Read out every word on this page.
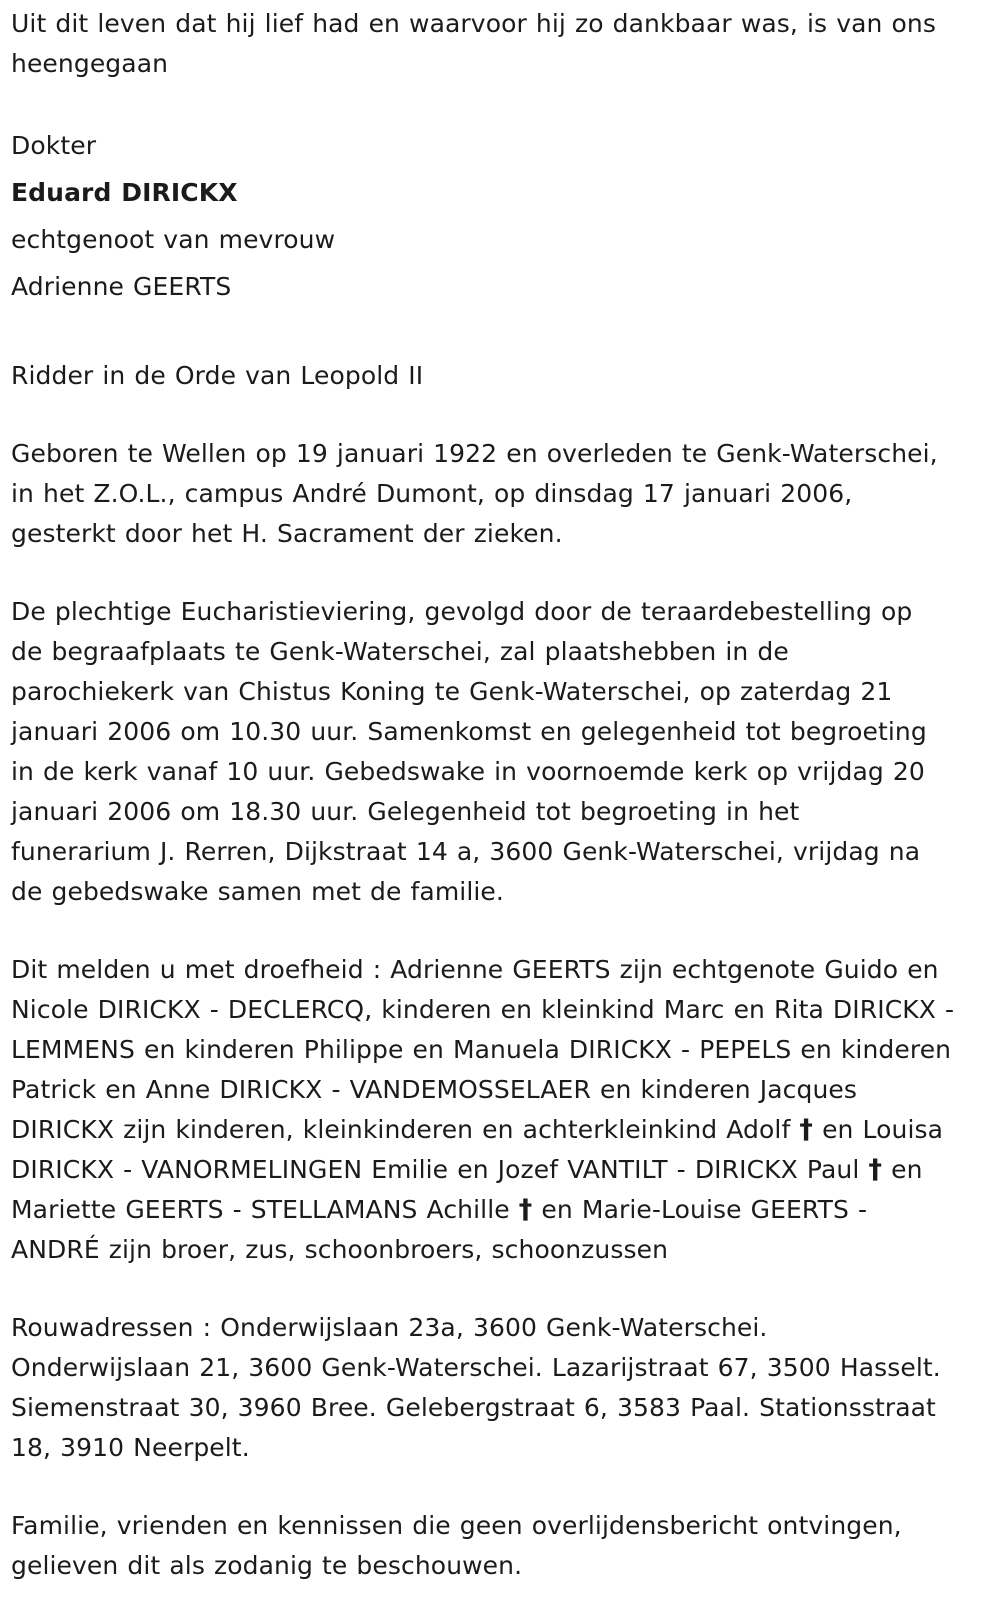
Uit dit leven dat hij lief had en waarvoor hij zo dankbaar was, is van ons
heengegaan

Dokter

Eduard DIRICKX

echtgenoot van mevrouw

Adrienne GEERTS

Ridder in de Orde van Leopold II

Geboren te Wellen op 19 januari 1922 en overleden te Genk-Waterschei,
in het Z.O.L., campus André Dumont, op dinsdag 17 januari 2006,
gesterkt door het H. Sacrament der zieken.

De plechtige Eucharistieviering, gevolgd door de teraardebestelling op
de begraafplaats te Genk-Waterschei, zal plaatshebben in de
parochiekerk van Chistus Koning te Genk-Waterschei, op zaterdag 21
januari 2006 om 10.30 uur. Samenkomst en gelegenheid tot begroeting
in de kerk vanaf 10 uur. Gebedswake in voornoemde kerk op vrijdag 20
januari 2006 om 18.30 uur. Gelegenheid tot begroeting in het
funerarium J. Rerren, Dijkstraat 14 a, 3600 Genk-Waterschei, vrijdag na
de gebedswake samen met de familie.

Dit melden u met droefheid : Adrienne GEERTS zijn echtgenote Guido en
Nicole DIRICKX - DECLERCQ, kinderen en kleinkind Marc en Rita DIRICKX -
LEMMENS en kinderen Philippe en Manuela DIRICKX - PEPELS en kinderen
Patrick en Anne DIRICKX - VANDEMOSSELAER en kinderen Jacques
DIRICKX zijn kinderen, kleinkinderen en achterkleinkind Adolf † en Louisa
DIRICKX - VANORMELINGEN Emilie en Jozef VANTILT - DIRICKX Paul † en
Mariette GEERTS - STELLAMANS Achille † en Marie-Louise GEERTS -
ANDRÉ zijn broer, zus, schoonbroers, schoonzussen

Rouwadressen : Onderwijslaan 23a, 3600 Genk-Waterschei.
Onderwijslaan 21, 3600 Genk-Waterschei. Lazarijstraat 67, 3500 Hasselt.
Siemenstraat 30, 3960 Bree. Gelebergstraat 6, 3583 Paal. Stationsstraat
18, 3910 Neerpelt.

Familie, vrienden en kennissen die geen overlijdensbericht ontvingen,
gelieven dit als zodanig te beschouwen.
